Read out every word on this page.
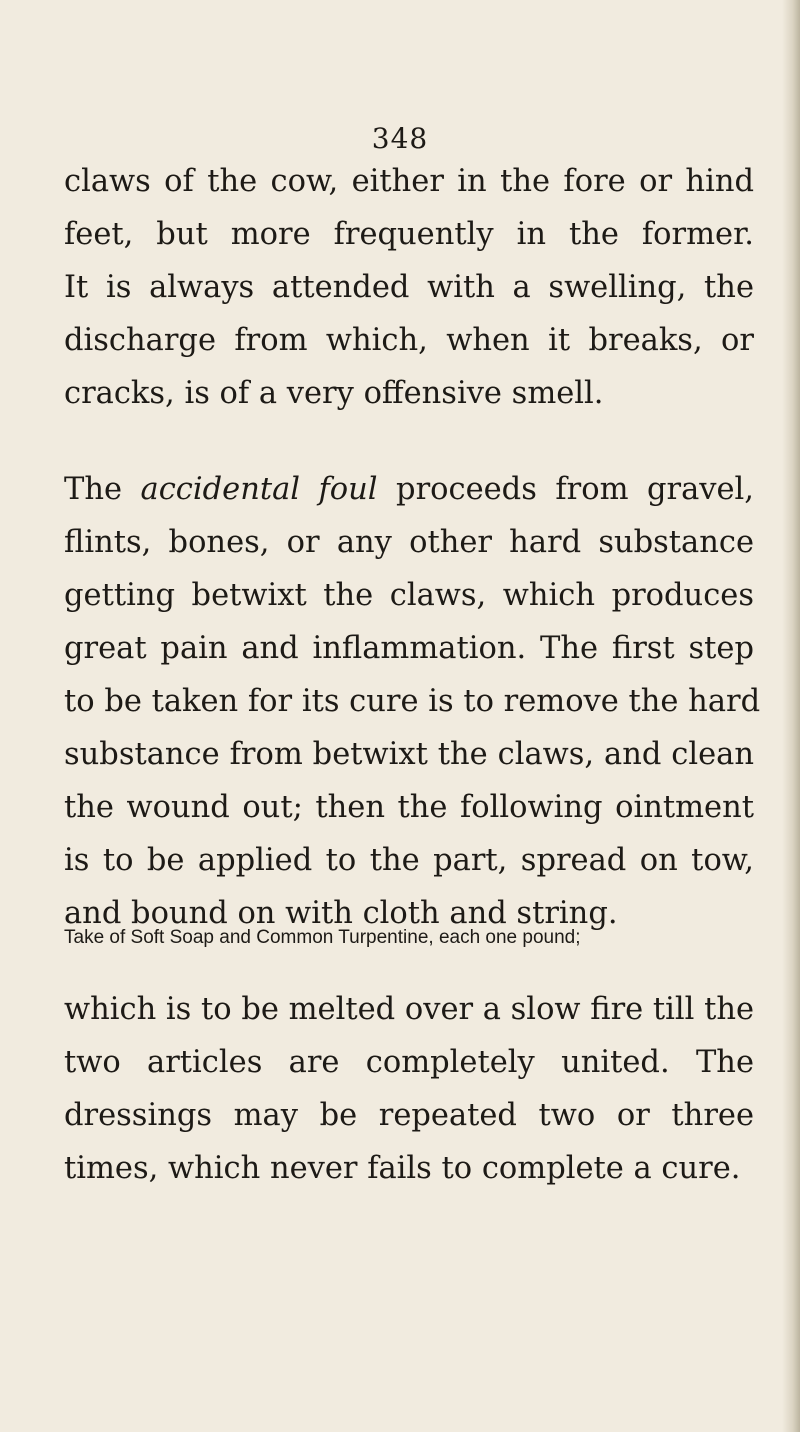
348

claws of the cow, either in the fore or hind
feet, but more frequently in the former.
It is always attended with a swelling, the
discharge from which, when it breaks, or
cracks, is of a very offensive smell.

The accidental foul proceeds from gravel,
flints, bones, or any other hard substance
getting betwixt the claws, which produces
great pain and inflammation. The first step
to be taken for its cure is to remove the hard
substance from betwixt the claws, and clean
the wound out; then the following ointment
is to be applied to the part, spread on tow,
and bound on with cloth and string.

Take of Soft Soap and Common Turpentine, each one pound;

which is to be melted over a slow fire till the
two articles are completely united. The
dressings may be repeated two or three
times, which never fails to complete a cure.
